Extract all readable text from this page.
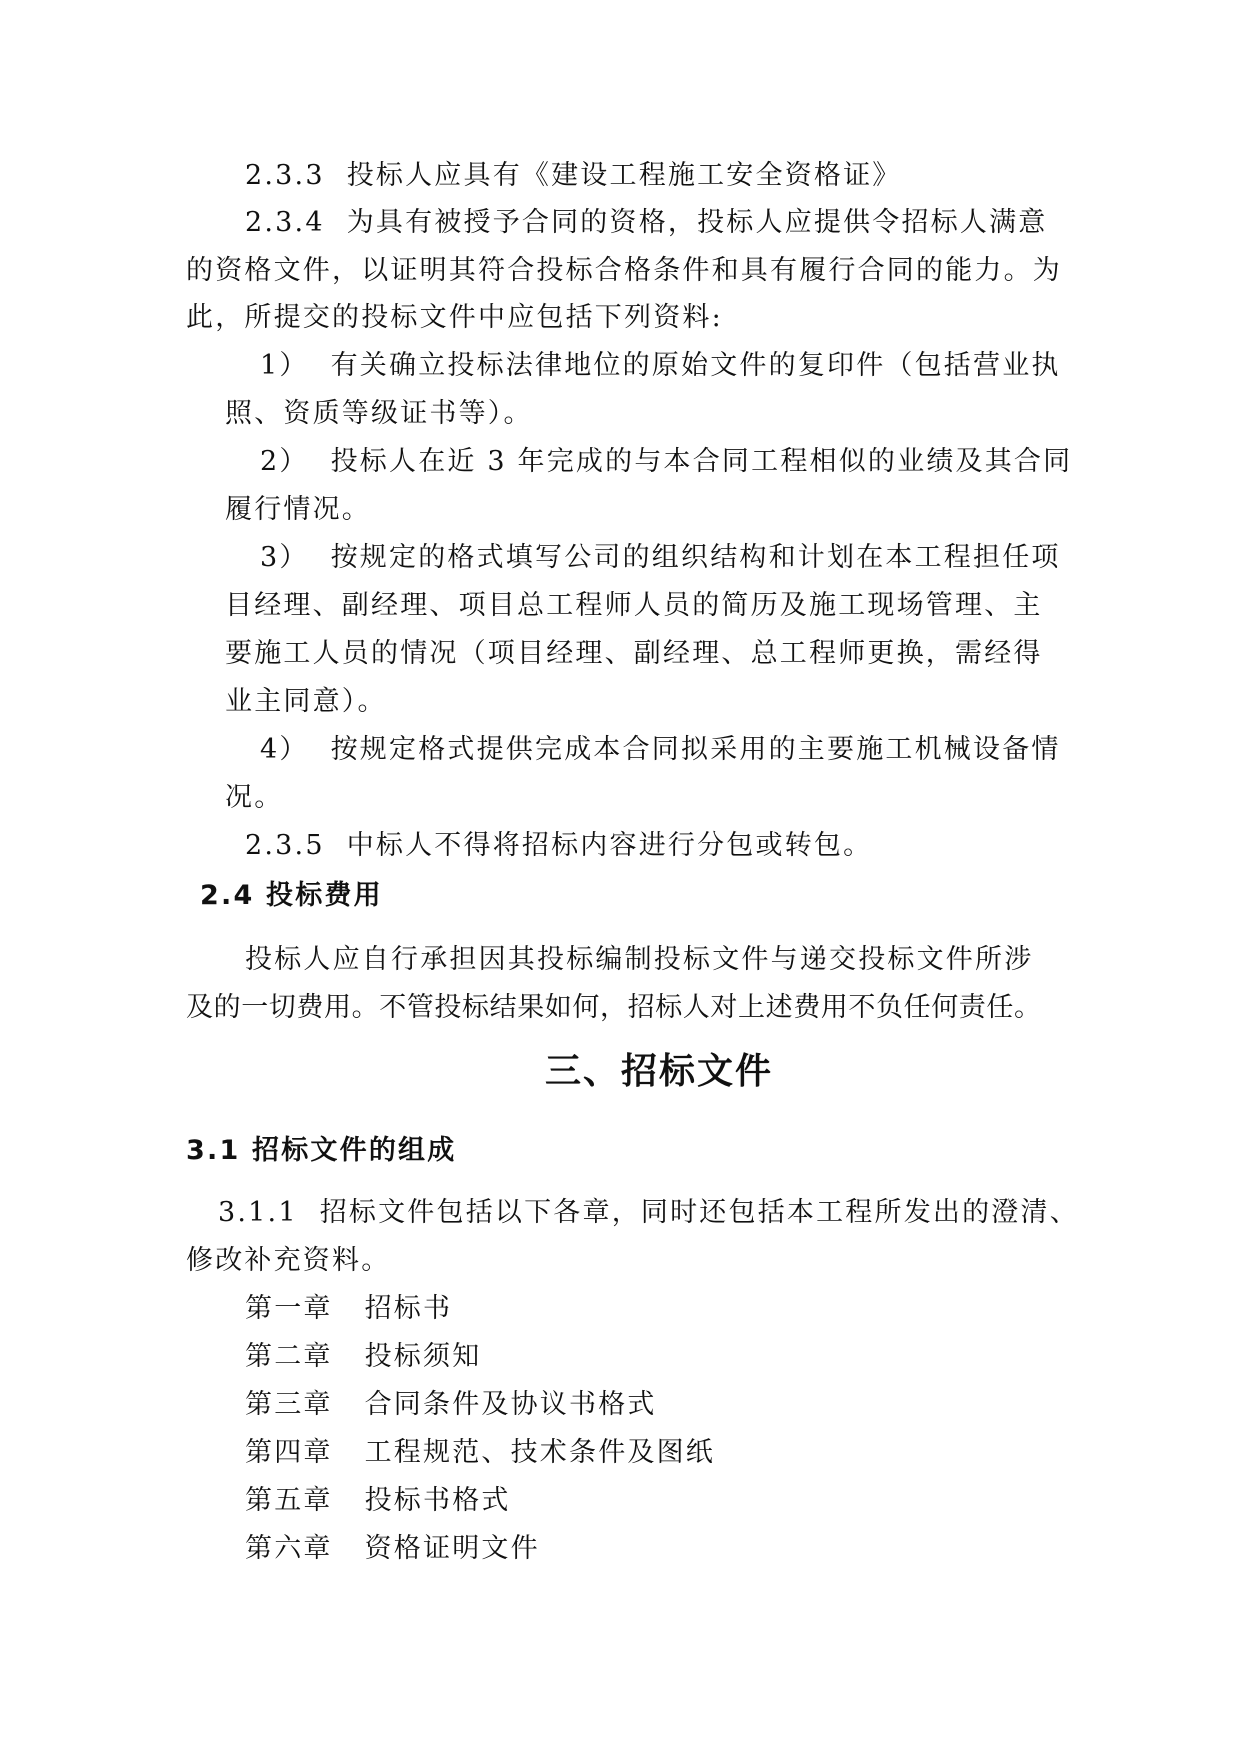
2.3.3 投标人应具有《建设工程施工安全资格证》
2.3.4 为具有被授予合同的资格，投标人应提供令招标人满意
的资格文件，以证明其符合投标合格条件和具有履行合同的能力。为
此，所提交的投标文件中应包括下列资料:
1） 有关确立投标法律地位的原始文件的复印件（包括营业执
照、资质等级证书等）。
2） 投标人在近 3 年完成的与本合同工程相似的业绩及其合同
履行情况。
3） 按规定的格式填写公司的组织结构和计划在本工程担任项
目经理、副经理、项目总工程师人员的简历及施工现场管理、主
要施工人员的情况（项目经理、副经理、总工程师更换，需经得
业主同意）。
4） 按规定格式提供完成本合同拟采用的主要施工机械设备情
况。
2.3.5 中标人不得将招标内容进行分包或转包。
2.4 投标费用
投标人应自行承担因其投标编制投标文件与递交投标文件所涉
及的一切费用。不管投标结果如何，招标人对上述费用不负任何责任。
三、招标文件
3.1 招标文件的组成
3.1.1 招标文件包括以下各章，同时还包括本工程所发出的澄清、
修改补充资料。
第一章 招标书
第二章 投标须知
第三章 合同条件及协议书格式
第四章 工程规范、技术条件及图纸
第五章 投标书格式
第六章 资格证明文件
